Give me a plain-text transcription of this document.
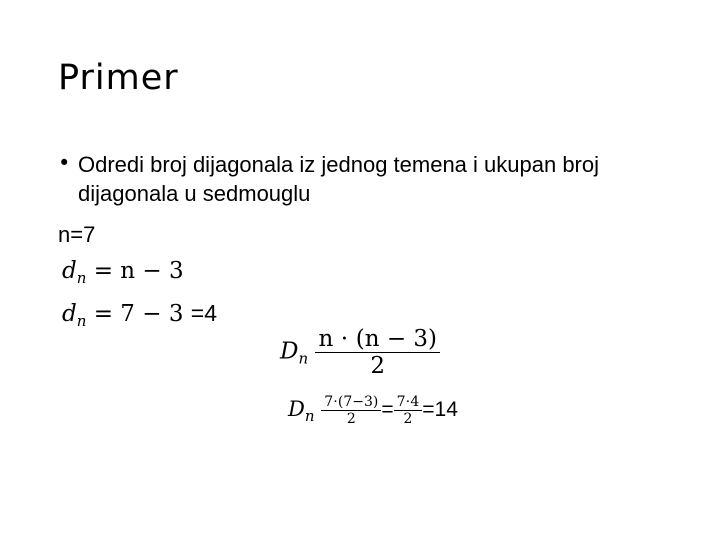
Primer
• Odredi broj dijagonala iz jednog temena i ukupan broj dijagonala u sedmouglu
n=7
$d_n = n - 3$
$d_n = 7 - 3 =4$
$D_n \frac{n \cdot (n - 3)}{2}$
$D_n \frac{7\cdot(7-3)}{2} = \frac{7\cdot 4}{2} =14$
